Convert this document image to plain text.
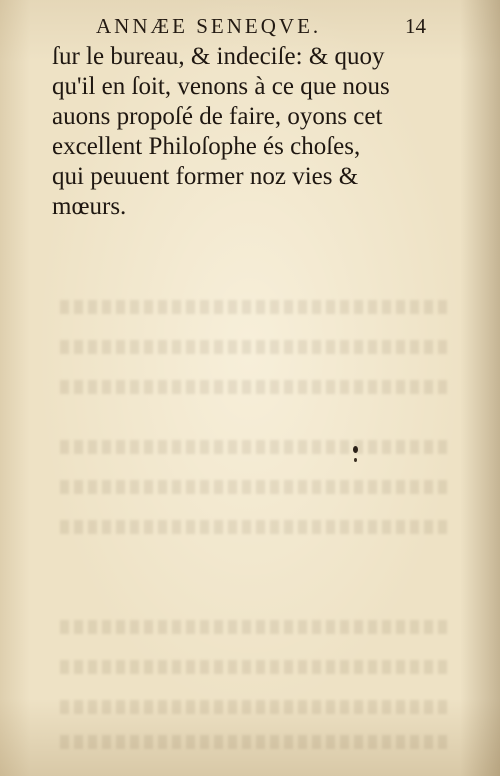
ANNÆE SENEQVE.	14
ſur le bureau, & indeciſe: & quoy
qu'il en ſoit, venons à ce que nous
auons propoſé de faire, oyons cet
excellent Philoſophe és choſes,
qui peuuent former noz vies &
mœurs.
